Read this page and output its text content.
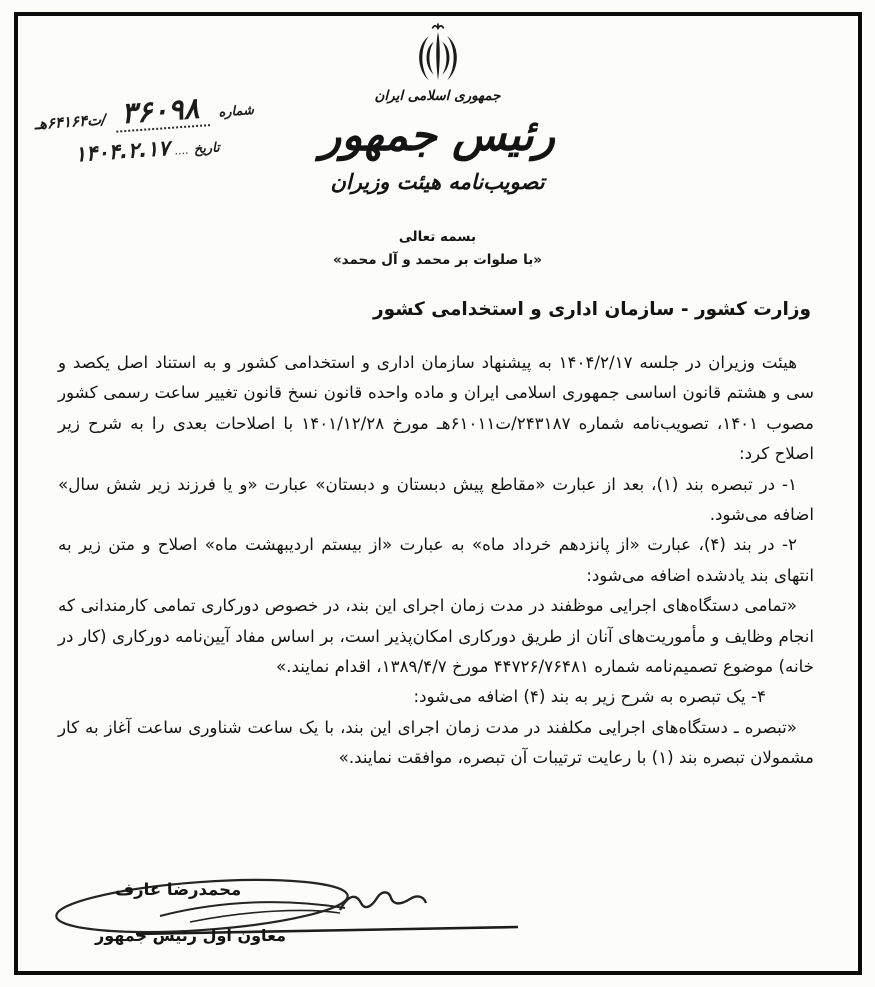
جمهوری اسلامی ایران
رئیس جمهور
تصویب‌نامه هیئت وزیران
شماره ۳۶۰۹۸ /ت۶۴۱۶۴هـ
تاریخ .... ۱۴۰۴.۲.۱۷
بسمه تعالی
«با صلوات بر محمد و آل محمد»
وزارت کشور - سازمان اداری و استخدامی کشور

هیئت وزیران در جلسه ۱۴۰۴/۲/۱۷ به پیشنهاد سازمان اداری و استخدامی کشور و به استناد اصل یکصد و سی و هشتم قانون اساسی جمهوری اسلامی ایران و ماده واحده قانون نسخ قانون تغییر ساعت رسمی کشور مصوب ۱۴۰۱، تصویب‌نامه شماره ۲۴۳۱۸۷/ت۶۱۰۱۱هـ مورخ ۱۴۰۱/۱۲/۲۸ با اصلاحات بعدی را به شرح زیر اصلاح کرد:

۱- در تبصره بند (۱)، بعد از عبارت «مقاطع پیش دبستان و دبستان» عبارت «و یا فرزند زیر شش سال» اضافه می‌شود.

۲- در بند (۴)، عبارت «از پانزدهم خرداد ماه» به عبارت «از بیستم اردیبهشت ماه» اصلاح و متن زیر به انتهای بند یادشده اضافه می‌شود:

«تمامی دستگاه‌های اجرایی موظفند در مدت زمان اجرای این بند، در خصوص دورکاری تمامی کارمندانی که انجام وظایف و مأموریت‌های آنان از طریق دورکاری امکان‌پذیر است، بر اساس مفاد آیین‌نامه دورکاری (کار در خانه) موضوع تصمیم‌نامه شماره ۴۴۷۲۶/۷۶۴۸۱ مورخ ۱۳۸۹/۴/۷، اقدام نمایند.»

۴- یک تبصره به شرح زیر به بند (۴) اضافه می‌شود:

«تبصره ـ دستگاه‌های اجرایی مکلفند در مدت زمان اجرای این بند، با یک ساعت شناوری ساعت آغاز به کار مشمولان تبصره بند (۱) با رعایت ترتیبات آن تبصره، موافقت نمایند.»

محمدرضا عارف
معاون اول رئیس جمهور
